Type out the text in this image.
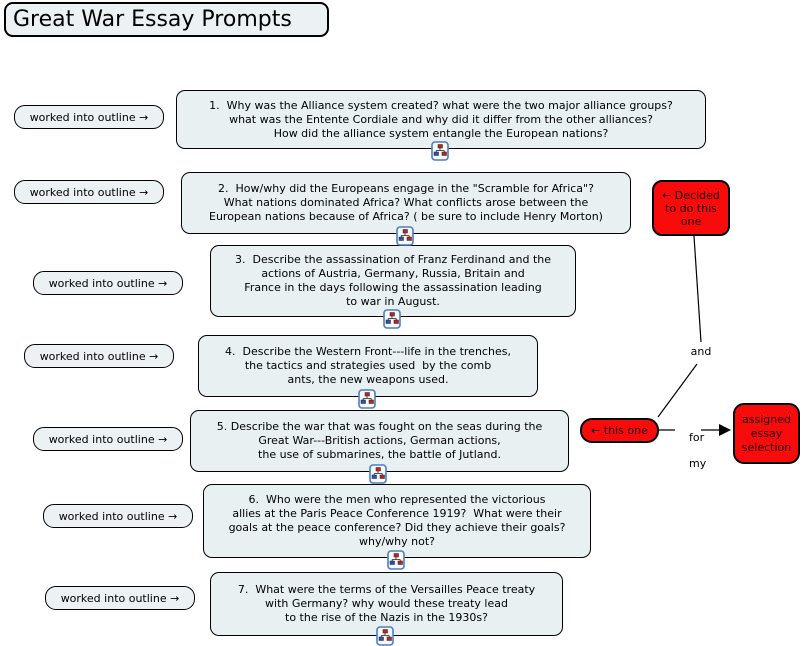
Great War Essay Prompts
worked into outline →
worked into outline →
worked into outline →
worked into outline →
worked into outline →
worked into outline →
worked into outline →
1.  Why was the Alliance system created? what were the two major alliance groups?
what was the Entente Cordiale and why did it differ from the other alliances?
How did the alliance system entangle the European nations?
2.  How/why did the Europeans engage in the "Scramble for Africa"?
What nations dominated Africa? What conflicts arose between the
European nations because of Africa? ( be sure to include Henry Morton)
3.  Describe the assassination of Franz Ferdinand and the
actions of Austria, Germany, Russia, Britain and
France in the days following the assassination leading
to war in August.
4.  Describe the Western Front---life in the trenches,
the tactics and strategies used  by the comb
ants, the new weapons used.
5. Describe the war that was fought on the seas during the
Great War---British actions, German actions,
the use of submarines, the battle of Jutland.
6.  Who were the men who represented the victorious
allies at the Paris Peace Conference 1919?  What were their
goals at the peace conference? Did they achieve their goals?
why/why not?
7.  What were the terms of the Versailles Peace treaty
with Germany? why would these treaty lead
to the rise of the Nazis in the 1930s?
← Decided
to do this
one
← this one
assigned
essay
selection
and

for

my
